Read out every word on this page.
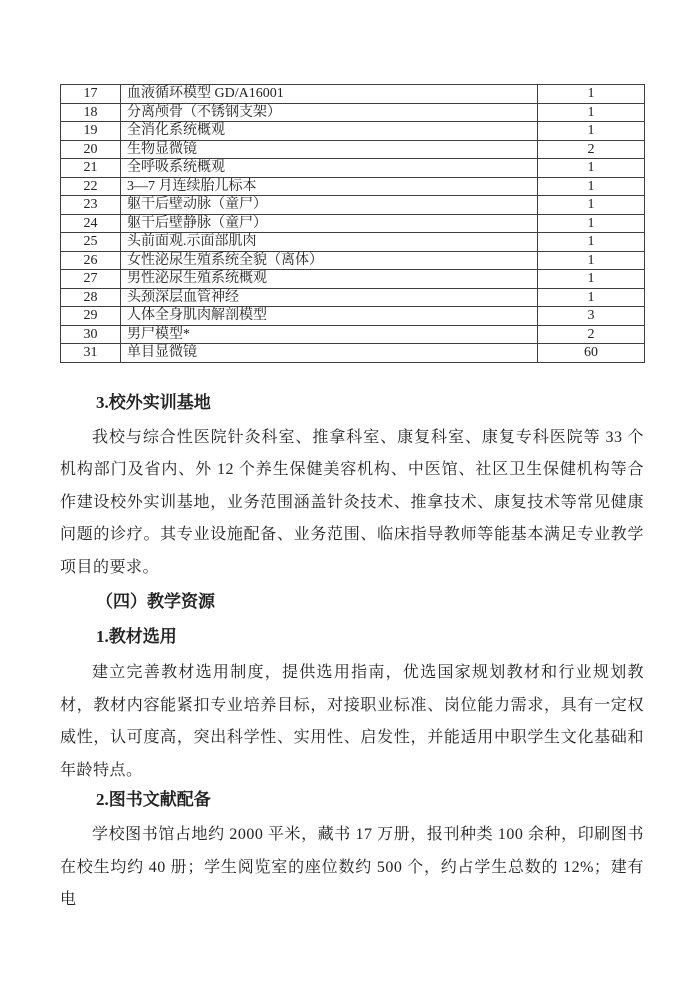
17	血液循环模型 GD/A16001	1
18	分离颅骨（不锈钢支架）	1
19	全消化系统概观	1
20	生物显微镜	2
21	全呼吸系统概观	1
22	3—7 月连续胎儿标本	1
23	躯干后壁动脉（童尸）	1
24	躯干后壁静脉（童尸）	1
25	头前面观.示面部肌肉	1
26	女性泌尿生殖系统全貌（离体）	1
27	男性泌尿生殖系统概观	1
28	头颈深层血管神经	1
29	人体全身肌肉解剖模型	3
30	男尸模型*	2
31	单目显微镜	60
3.校外实训基地

我校与综合性医院针灸科室、推拿科室、康复科室、康复专科医院等 33 个机构部门及省内、外 12 个养生保健美容机构、中医馆、社区卫生保健机构等合作建设校外实训基地，业务范围涵盖针灸技术、推拿技术、康复技术等常见健康问题的诊疗。其专业设施配备、业务范围、临床指导教师等能基本满足专业教学项目的要求。

（四）教学资源
1.教材选用

建立完善教材选用制度，提供选用指南，优选国家规划教材和行业规划教材，教材内容能紧扣专业培养目标，对接职业标准、岗位能力需求，具有一定权威性，认可度高，突出科学性、实用性、启发性，并能适用中职学生文化基础和年龄特点。

2.图书文献配备

学校图书馆占地约 2000 平米，藏书 17 万册，报刊种类 100 余种，印刷图书在校生均约 40 册；学生阅览室的座位数约 500 个，约占学生总数的 12%；建有电
